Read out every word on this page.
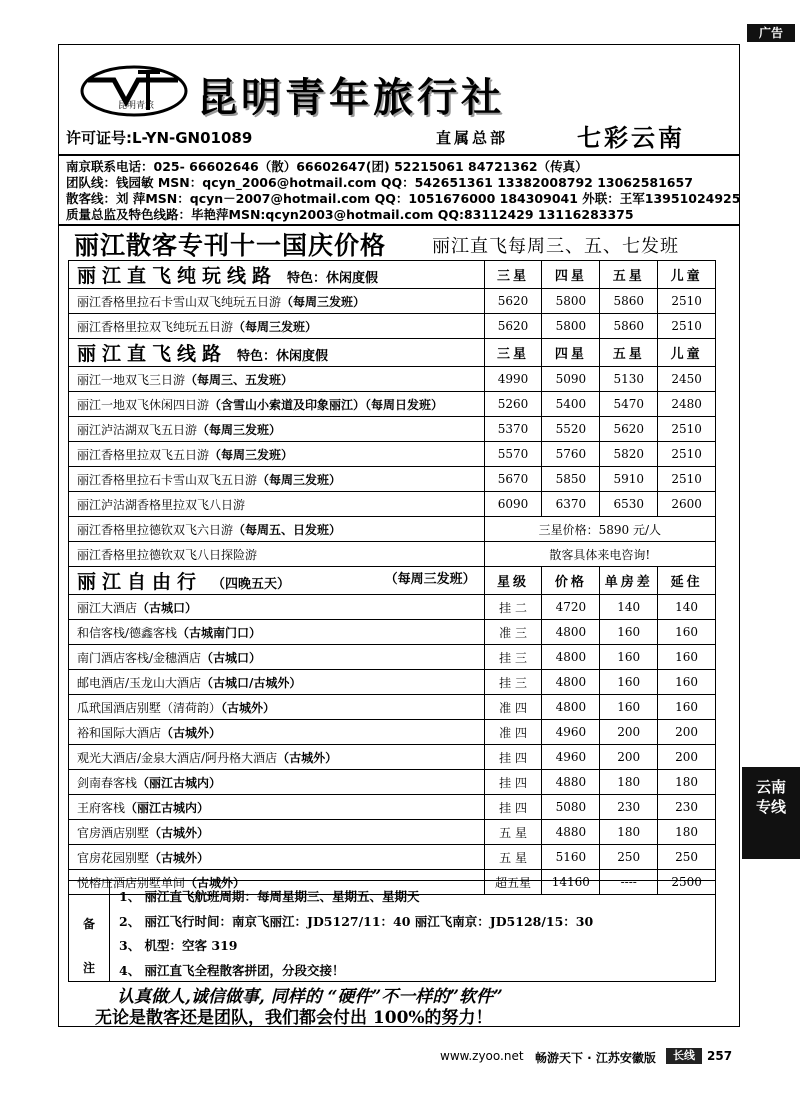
广告
昆明青旅 昆明青年旅行社
许可证号:L-YN-GN01089	直属总部	七彩云南
南京联系电话：025- 66602646（散）66602647(团) 52215061 84721362（传真）
团队线：钱园敏 MSN：qcyn_2006@hotmail.com QQ：542651361 13382008792 13062581657
散客线：刘 萍MSN：qcyn－2007@hotmail.com QQ：1051676000 184309041 外联：王军13951024925
质量总监及特色线路：毕艳萍MSN:qcyn2003@hotmail.com QQ:83112429 13116283375
丽江散客专刊十一国庆价格	丽江直飞每周三、五、七发班
丽江直飞纯玩线路 特色：休闲度假	三星	四星	五星	儿童
丽江香格里拉石卡雪山双飞纯玩五日游（每周三发班）	5620	5800	5860	2510
丽江香格里拉双飞纯玩五日游（每周三发班）	5620	5800	5860	2510
丽江直飞线路 特色：休闲度假	三星	四星	五星	儿童
丽江一地双飞三日游（每周三、五发班）	4990	5090	5130	2450
丽江一地双飞休闲四日游（含雪山小索道及印象丽江）（每周日发班）	5260	5400	5470	2480
丽江泸沽湖双飞五日游（每周三发班）	5370	5520	5620	2510
丽江香格里拉双飞五日游（每周三发班）	5570	5760	5820	2510
丽江香格里拉石卡雪山双飞五日游（每周三发班）	5670	5850	5910	2510
丽江泸沽湖香格里拉双飞八日游	6090	6370	6530	2600
丽江香格里拉德钦双飞六日游（每周五、日发班）	三星价格：5890 元/人			
丽江香格里拉德钦双飞八日探险游	散客具体来电咨询!			
丽江自由行 （四晚五天） （每周三发班）	星级	价格	单房差	延住
丽江大酒店（古城口）	挂 二	4720	140	140
和信客栈/德鑫客栈（古城南门口）	准 三	4800	160	160
南门酒店客栈/金穗酒店（古城口）	挂 三	4800	160	160
邮电酒店/玉龙山大酒店（古城口/古城外）	挂 三	4800	160	160
瓜玳国酒店别墅（清荷韵）（古城外）	准 四	4800	160	160
裕和国际大酒店（古城外）	准 四	4960	200	200
观光大酒店/金泉大酒店/阿丹格大酒店（古城外）	挂 四	4960	200	200
剑南春客栈（丽江古城内）	挂 四	4880	180	180
王府客栈（丽江古城内）	挂 四	5080	230	230
官房酒店别墅（古城外）	五 星	4880	180	180
官房花园别墅（古城外）	五 星	5160	250	250
悦榕庄酒店别墅单间（古城外）	超五星	14160	----	2500
备
注
1、 丽江直飞航班周期：每周星期三、星期五、星期天
2、 丽江飞行时间：南京飞丽江：JD5127/11：40 丽江飞南京：JD5128/15：30
3、 机型：空客 319
4、 丽江直飞全程散客拼团，分段交接！
认真做人,诚信做事, 同样的 “硬件”不一样的”软件”
无论是散客还是团队，我们都会付出 100%的努力！
云南专线
www.zyoo.net 畅游天下 · 江苏安徽版	长线	257
